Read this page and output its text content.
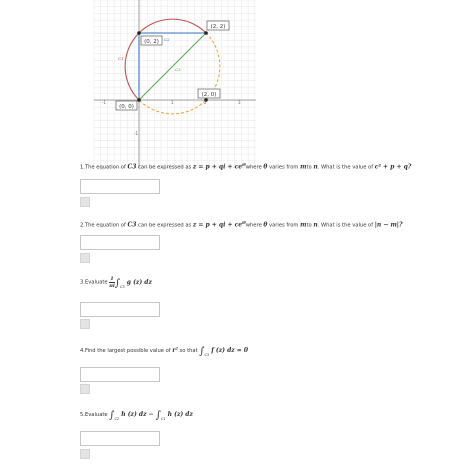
(2, 2)
(0, 2)
(2, 0)
(0, 0)
C1
C2
C3
-1	1	2	3
-1
1.The equation of C3 can be expressed as z = p + qi + $ce^{i\theta}where$ θ varies from mto n. What is the value of c² + p + q?
2.The equation of C3 can be expressed as z = p + qi + $ce^{i\theta}where$ θ varies from mto n. What is the value of |n − m|?
3.Evaluate $\frac{1}{\pi i} \int_{C3}$ g (z) dz
4.Find the largest possible value of $r^2$ so that $\int_{C3}$ f (z) dz = 0
5.Evaluate $\int_{C2}$ h (z) dz − $\int_{C1}$ h (z) dz
